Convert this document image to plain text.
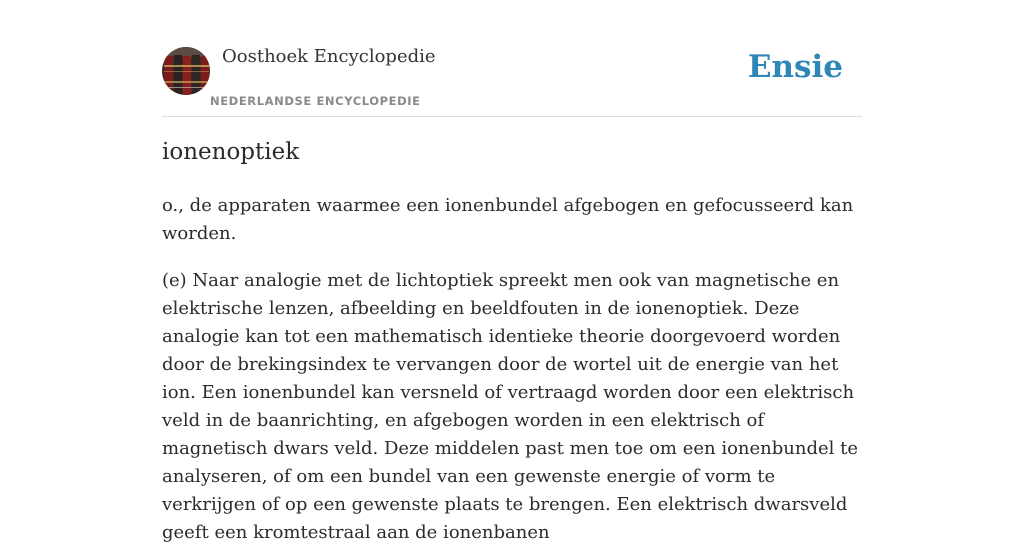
Oosthoek Encyclopedie
NEDERLANDSE ENCYCLOPEDIE
Ensie
ionenoptiek

o., de apparaten waarmee een ionenbundel afgebogen en gefocusseerd kan worden.

(e) Naar analogie met de lichtoptiek spreekt men ook van magnetische en elektrische lenzen, afbeelding en beeldfouten in de ionenoptiek. Deze analogie kan tot een mathematisch identieke theorie doorgevoerd worden door de brekingsindex te vervangen door de wortel uit de energie van het ion. Een ionenbundel kan versneld of vertraagd worden door een elektrisch veld in de baanrichting, en afgebogen worden in een elektrisch of magnetisch dwars veld. Deze middelen past men toe om een ionenbundel te analyseren, of om een bundel van een gewenste energie of vorm te verkrijgen of op een gewenste plaats te brengen. Een elektrisch dwarsveld geeft een kromtestraal aan de ionenbanen
